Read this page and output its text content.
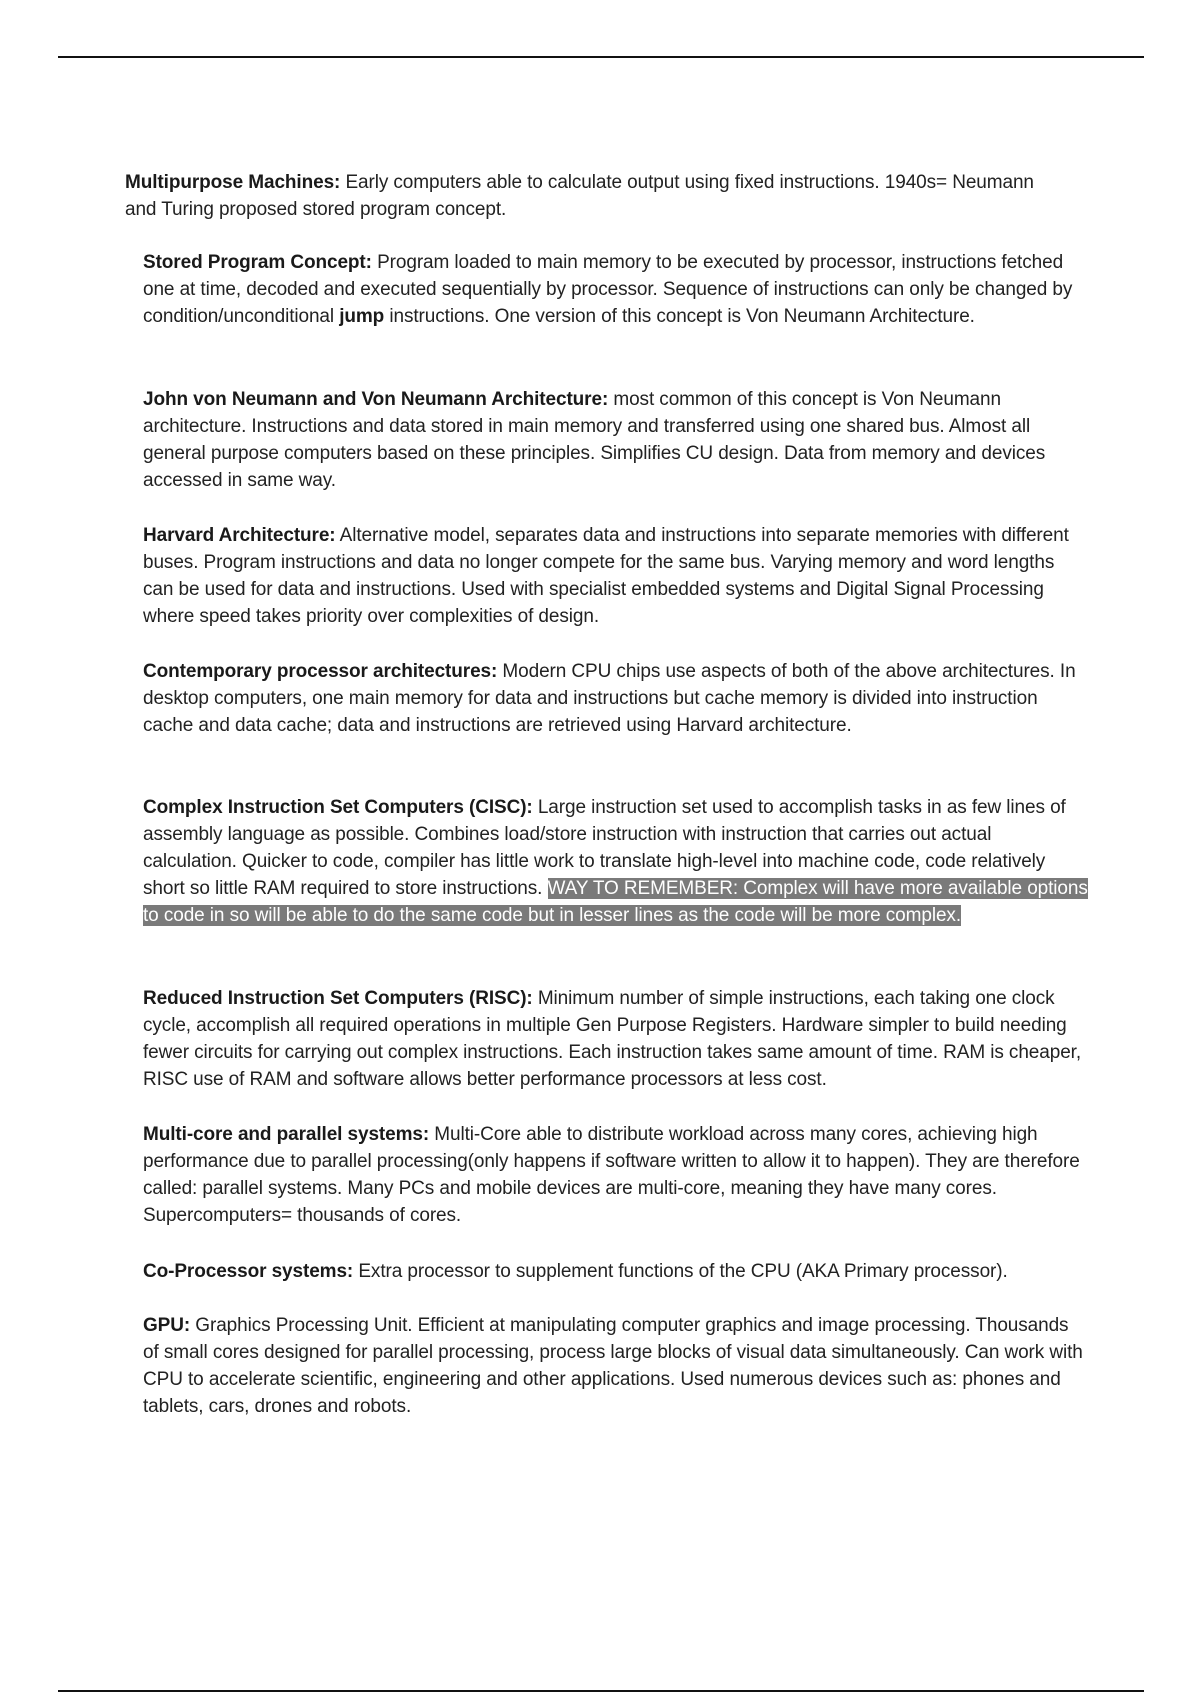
Multipurpose Machines: Early computers able to calculate output using fixed instructions. 1940s= Neumann and Turing proposed stored program concept.

Stored Program Concept: Program loaded to main memory to be executed by processor, instructions fetched one at time, decoded and executed sequentially by processor. Sequence of instructions can only be changed by condition/unconditional jump instructions. One version of this concept is Von Neumann Architecture.

John von Neumann and Von Neumann Architecture: most common of this concept is Von Neumann architecture. Instructions and data stored in main memory and transferred using one shared bus. Almost all general purpose computers based on these principles. Simplifies CU design. Data from memory and devices accessed in same way.

Harvard Architecture: Alternative model, separates data and instructions into separate memories with different buses. Program instructions and data no longer compete for the same bus. Varying memory and word lengths can be used for data and instructions. Used with specialist embedded systems and Digital Signal Processing where speed takes priority over complexities of design.

Contemporary processor architectures: Modern CPU chips use aspects of both of the above architectures. In desktop computers, one main memory for data and instructions but cache memory is divided into instruction cache and data cache; data and instructions are retrieved using Harvard architecture.

Complex Instruction Set Computers (CISC): Large instruction set used to accomplish tasks in as few lines of assembly language as possible. Combines load/store instruction with instruction that carries out actual calculation. Quicker to code, compiler has little work to translate high-level into machine code, code relatively short so little RAM required to store instructions. WAY TO REMEMBER: Complex will have more available options to code in so will be able to do the same code but in lesser lines as the code will be more complex.

Reduced Instruction Set Computers (RISC): Minimum number of simple instructions, each taking one clock cycle, accomplish all required operations in multiple Gen Purpose Registers. Hardware simpler to build needing fewer circuits for carrying out complex instructions. Each instruction takes same amount of time. RAM is cheaper, RISC use of RAM and software allows better performance processors at less cost.

Multi-core and parallel systems: Multi-Core able to distribute workload across many cores, achieving high performance due to parallel processing(only happens if software written to allow it to happen). They are therefore called: parallel systems. Many PCs and mobile devices are multi-core, meaning they have many cores. Supercomputers= thousands of cores.

Co-Processor systems: Extra processor to supplement functions of the CPU (AKA Primary processor).

GPU: Graphics Processing Unit. Efficient at manipulating computer graphics and image processing. Thousands of small cores designed for parallel processing, process large blocks of visual data simultaneously. Can work with CPU to accelerate scientific, engineering and other applications. Used numerous devices such as: phones and tablets, cars, drones and robots.
